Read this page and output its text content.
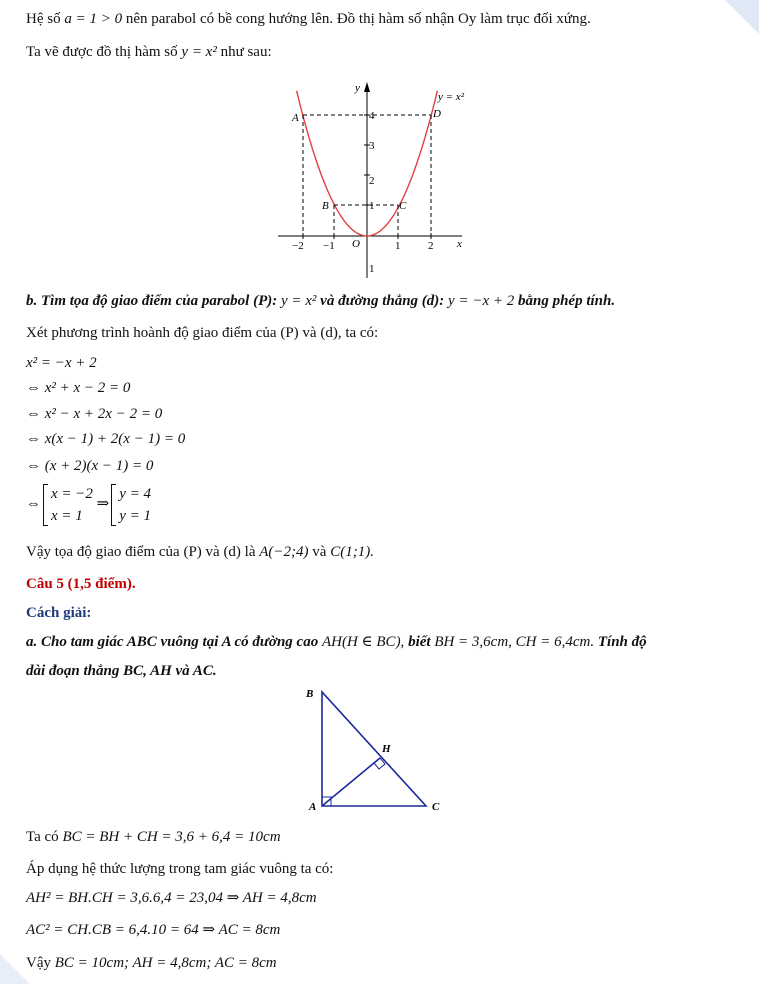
Hệ số a = 1 > 0 nên parabol có bề cong hướng lên. Đồ thị hàm số nhận Oy làm trục đối xứng.
Ta vẽ được đồ thị hàm số y = x² như sau:
x
y
y = x²
O
A
B	C
D
−2 −1	1	2
4
3
2
1
1
b. Tìm tọa độ giao điểm của parabol (P): y = x² và đường thẳng (d): y = −x + 2 bằng phép tính.
Xét phương trình hoành độ giao điểm của (P) và (d), ta có:
x² = −x + 2
⇔ x² + x − 2 = 0
⇔ x² − x + 2x − 2 = 0
⇔ x(x − 1) + 2(x − 1) = 0
⇔ (x + 2)(x − 1) = 0
⇔x = −2
x = 1 ⇒y = 4
y = 1
Vậy tọa độ giao điểm của (P) và (d) là A(−2;4) và C(1;1).
Câu 5 (1,5 điểm).
Cách giải:
a. Cho tam giác ABC vuông tại A có đường cao AH(H ∈ BC), biết BH = 3,6cm, CH = 6,4cm. Tính độ
dài đoạn thẳng BC, AH và AC.
B
A	C
H
Ta có BC = BH + CH = 3,6 + 6,4 = 10cm
Áp dụng hệ thức lượng trong tam giác vuông ta có:
AH² = BH.CH = 3,6.6,4 = 23,04 ⇒ AH = 4,8cm
AC² = CH.CB = 6,4.10 = 64 ⇒ AC = 8cm
Vậy BC = 10cm; AH = 4,8cm; AC = 8cm
